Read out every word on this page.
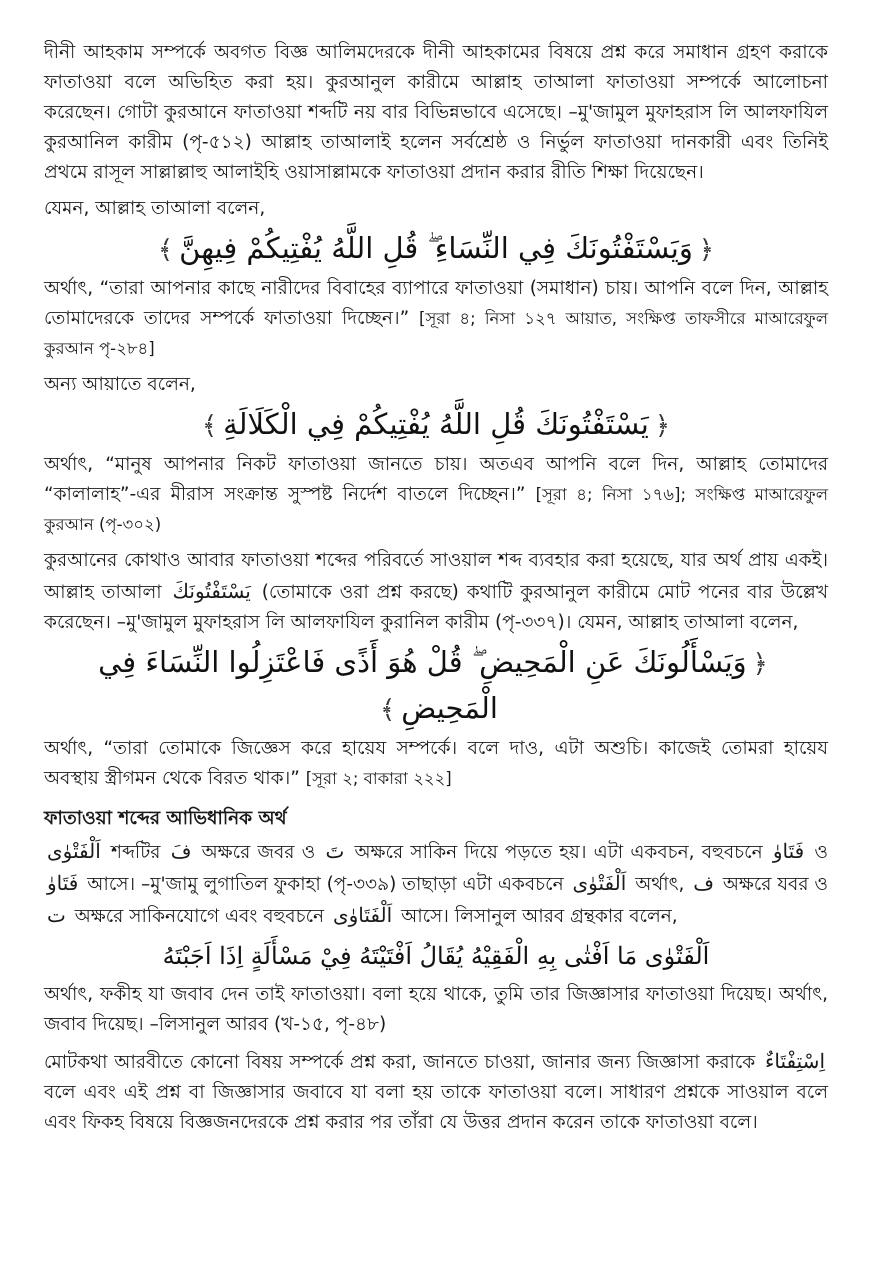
দীনী আহকাম সম্পর্কে অবগত বিজ্ঞ আলিমদেরকে দীনী আহকামের বিষয়ে প্রশ্ন করে সমাধান গ্রহণ করাকে ফাতাওয়া বলে অভিহিত করা হয়। কুরআনুল কারীমে আল্লাহ তাআলা ফাতাওয়া সম্পর্কে আলোচনা করেছেন। গোটা কুরআনে ফাতাওয়া শব্দটি নয় বার বিভিন্নভাবে এসেছে। –মু'জামুল মুফাহরাস লি আলফাযিল কুরআনিল কারীম (পৃ-৫১২) আল্লাহ তাআলাই হলেন সর্বশ্রেষ্ঠ ও নির্ভুল ফাতাওয়া দানকারী এবং তিনিই প্রথমে রাসূল সাল্লাল্লাহু আলাইহি ওয়াসাল্লামকে ফাতাওয়া প্রদান করার রীতি শিক্ষা দিয়েছেন।

যেমন, আল্লাহ তাআলা বলেন,

﴿وَيَسْتَفْتُونَكَ فِي النِّسَاءِ ۖ قُلِ اللَّهُ يُفْتِيكُمْ فِيهِنَّ﴾

অর্থাৎ, “তারা আপনার কাছে নারীদের বিবাহের ব্যাপারে ফাতাওয়া (সমাধান) চায়। আপনি বলে দিন, আল্লাহ তোমাদেরকে তাদের সম্পর্কে ফাতাওয়া দিচ্ছেন।” [সূরা ৪; নিসা ১২৭ আয়াত, সংক্ষিপ্ত তাফসীরে মাআরেফুল কুরআন পৃ-২৮৪]

অন্য আয়াতে বলেন,

﴿يَسْتَفْتُونَكَ قُلِ اللَّهُ يُفْتِيكُمْ فِي الْكَلَالَةِ﴾

অর্থাৎ, “মানুষ আপনার নিকট ফাতাওয়া জানতে চায়। অতএব আপনি বলে দিন, আল্লাহ তোমাদের “কালালাহ”-এর মীরাস সংক্রান্ত সুস্পষ্ট নির্দেশ বাতলে দিচ্ছেন।” [সূরা ৪; নিসা ১৭৬]; সংক্ষিপ্ত মাআরেফুল কুরআন (পৃ-৩০২)

কুরআনের কোথাও আবার ফাতাওয়া শব্দের পরিবর্তে সাওয়াল শব্দ ব্যবহার করা হয়েছে, যার অর্থ প্রায় একই। আল্লাহ তাআলা يَسْتَفْتُونَكَ (তোমাকে ওরা প্রশ্ন করছে) কথাটি কুরআনুল কারীমে মোট পনের বার উল্লেখ করেছেন। –মু'জামুল মুফাহরাস লি আলফাযিল কুরানিল কারীম (পৃ-৩৩৭)। যেমন, আল্লাহ তাআলা বলেন,

﴿وَيَسْأَلُونَكَ عَنِ الْمَحِيضِ ۖ قُلْ هُوَ أَذًى فَاعْتَزِلُوا النِّسَاءَ فِي الْمَحِيضِ﴾

অর্থাৎ, “তারা তোমাকে জিজ্ঞেস করে হায়েয সম্পর্কে। বলে দাও, এটা অশুচি। কাজেই তোমরা হায়েয অবস্থায় স্ত্রীগমন থেকে বিরত থাক।” [সূরা ২; বাকারা ২২২]

ফাতাওয়া শব্দের আভিধানিক অর্থ

اَلْفَتْوٰى শব্দটির فَ অক্ষরে জবর ও تَ অক্ষরে সাকিন দিয়ে পড়তে হয়। এটা একবচন, বহুবচনে فَتَاوٰ ও فَتَاوٰ আসে। –মু'জামু লুগাতিল ফুকাহা (পৃ-৩৩৯) তাছাড়া এটা একবচনে اَلْفَتْوٰى অর্থাৎ, ف অক্ষরে যবর ও ت অক্ষরে সাকিনযোগে এবং বহুবচনে اَلْفَتَاوٰى আসে। লিসানুল আরব গ্রন্থকার বলেন,

اَلْفَتْوٰى مَا اَفْتٰى بِهِ الْفَقِيْهُ يُقَالُ اَفْتَيْتَهُ فِيْ مَسْأَلَةٍ اِذَا اَجَبْتَهُ

অর্থাৎ, ফকীহ যা জবাব দেন তাই ফাতাওয়া। বলা হয়ে থাকে, তুমি তার জিজ্ঞাসার ফাতাওয়া দিয়েছ। অর্থাৎ, জবাব দিয়েছ। –লিসানুল আরব (খ-১৫, পৃ-৪৮)

মোটকথা আরবীতে কোনো বিষয় সম্পর্কে প্রশ্ন করা, জানতে চাওয়া, জানার জন্য জিজ্ঞাসা করাকে اِسْتِفْتَاءٌ বলে এবং এই প্রশ্ন বা জিজ্ঞাসার জবাবে যা বলা হয় তাকে ফাতাওয়া বলে। সাধারণ প্রশ্নকে সাওয়াল বলে এবং ফিকহ বিষয়ে বিজ্ঞজনদেরকে প্রশ্ন করার পর তাঁরা যে উত্তর প্রদান করেন তাকে ফাতাওয়া বলে।
